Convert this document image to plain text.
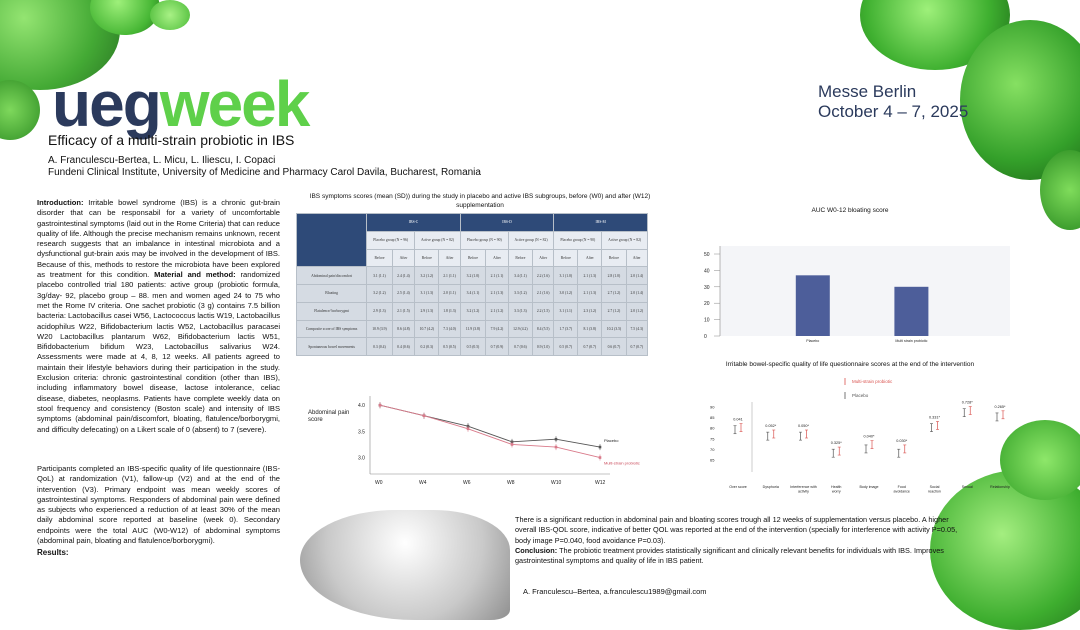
uegweek	Messe Berlin
October 4 – 7, 2025
Efficacy of a multi-strain probiotic in IBS
A. Franculescu-Bertea, L. Micu, L. Iliescu, I. Copaci
Fundeni Clinical Institute, University of Medicine and Pharmacy Carol Davila, Bucharest, Romania
Introduction: Irritable bowel syndrome (IBS) is a chronic gut-brain disorder that can be responsabil for a variety of uncomfortable gastrointestinal symptoms (laid out in the Rome Criteria) that can reduce quality of life. Although the precise mechanism remains unknown, recent research suggests that an imbalance in intestinal microbiota and a dysfunctional gut-brain axis may be involved in the development of IBS. Because of this, methods to restore the microbiota have been explored as treatment for this condition. Material and method: randomized placebo controlled trial 180 patients: active group (probiotic formula, 3g/day- 92, placebo group – 88. men and women aged 24 to 75 who met the Rome IV criteria. One sachet probiotic (3 g) contains 7.5 billion bacteria: Lactobacillus casei W56, Lactococcus lactis W19, Lactobacillus acidophilus W22, Bifidobacterium lactis W52, Lactobacillus paracasei W20 Lactobacillus plantarum W62, Bifidobacterium lactis W51, Bifidobacterium bifidum W23, Lactobacillus salivarius W24. Assessments were made at 4, 8, 12 weeks. All patients agreed to maintain their lifestyle behaviors during their participation in the study. Exclusion criteria: chronic gastrointestinal condition (other than IBS), including inflammatory bowel disease, lactose intolerance, celiac disease, diabetes, neoplasms. Patients have complete weekly data on stool frequency and consistency (Boston scale) and intensity of IBS symptoms (abdominal pain/discomfort, bloating, flatulence/borborygmi, and difficulty defecating) on a Likert scale of 0 (absent) to 7 (severe).
Participants completed an IBS-specific quality of life questionnaire (IBS-QoL) at randomization (V1), fallow-up (V2) and at the end of the intervention (V3). Primary endpoint was mean weekly scores of gastrointestinal symptoms. Responders of abdominal pain were defined as subjects who experienced a reduction of at least 30% of the mean daily abdominal score reported at baseline (week 0). Secondary endpoints were the total AUC (W0-W12) of abdominal symptoms (abdominal pain, bloating and flatulence/borborygmi).
Results:
IBS symptoms scores (mean (SD)) during the study in placebo and active IBS subgroups, before (W0) and after (W12) supplementation
	IBS-C				IBS-D				IBS-M			
	Placebo group (N = 96)		Active group (N = 82)		Placebo group (N = 90)		Active group (N = 82)		Placebo group (N = 90)		Active group (N = 82)	
	Before	After	Before	After	Before	After	Before	After	Before	After	Before	After
Abdominal pain/discomfort	3.1 (1.1)	2.4 (1.4)	3.2 (1.2)	2.1 (1.1)	3.2 (1.0)	2.1 (1.1)	3.4 (1.1)	2.2 (1.6)	3.1 (1.0)	2.1 (1.3)	2.8 (1.0)	2.0 (1.4)
Bloating	3.2 (1.2)	2.5 (1.4)	3.1 (1.3)	2.0 (1.1)	3.4 (1.1)	2.1 (1.3)	3.3 (1.2)	2.1 (1.6)	3.0 (1.2)	2.1 (1.3)	2.7 (1.2)	2.0 (1.4)
Flatulence/ borborygmi	2.9 (1.3)	2.1 (1.5)	2.9 (1.3)	1.8 (1.3)	3.2 (1.2)	2.1 (1.2)	3.3 (1.3)	2.2 (1.5)	3.1 (1.1)	2.3 (1.2)	2.7 (1.2)	2.0 (1.2)
Composite score of IBS symptoms	10.9 (3.9)	8.6 (4.8)	10.7 (4.2)	7.3 (4.0)	11.9 (3.8)	7.9 (4.2)	12.9 (4.2)	8.4 (5.5)	1.7 (3.7)	8.1 (3.8)	10.2 (3.5)	7.5 (4.3)
Spontaneous bowel movements	0.3 (0.4)	0.4 (0.6)	0.2 (0.3)	0.5 (0.5)	0.5 (0.5)	0.7 (0.9)	0.7 (0.6)	0.9 (1.0)	0.5 (0.7)	0.7 (0.7)	0.6 (0.7)	0.7 (0.7)
Abdominal pain score
4.0
3.5
3.0
W0	W4	W6	W8	W10	W12
Placebo
Multi-strain probiotic
AUC W0-12 bloating score
50
40
30
20
10
0
Placebo	Multi strain probiotic
Irritable bowel-specific quality of life questionnaire scores at the end of the intervention
Multi-strain probiotic
Placebo
90
85
80
75
70
65
0.041
Over score
0.052*
Dysphoria
0.050*
Interference with activity
0.325*
Health worry
0.040*
Body image
0.030*
Food avoidance
0.331*
Social reaction
0.728*
Sexual
0.265*
Relationship
There is a significant reduction in abdominal pain and bloating scores trough all 12 weeks of supplementation versus placebo. A higher overall IBS-QOL score, indicative of better QOL was reported at the end of the intervention (specially for interference with activity P=0.05, body image P=0.040, food avoidance P=0.03).
Conclusion: The probiotic treatment provides statistically significant and clinically relevant benefits for individuals with IBS. Improves gastrointestinal symptoms and quality of life in IBS patient.
A. Franculescu–Bertea, a.franculescu1989@gmail.com
